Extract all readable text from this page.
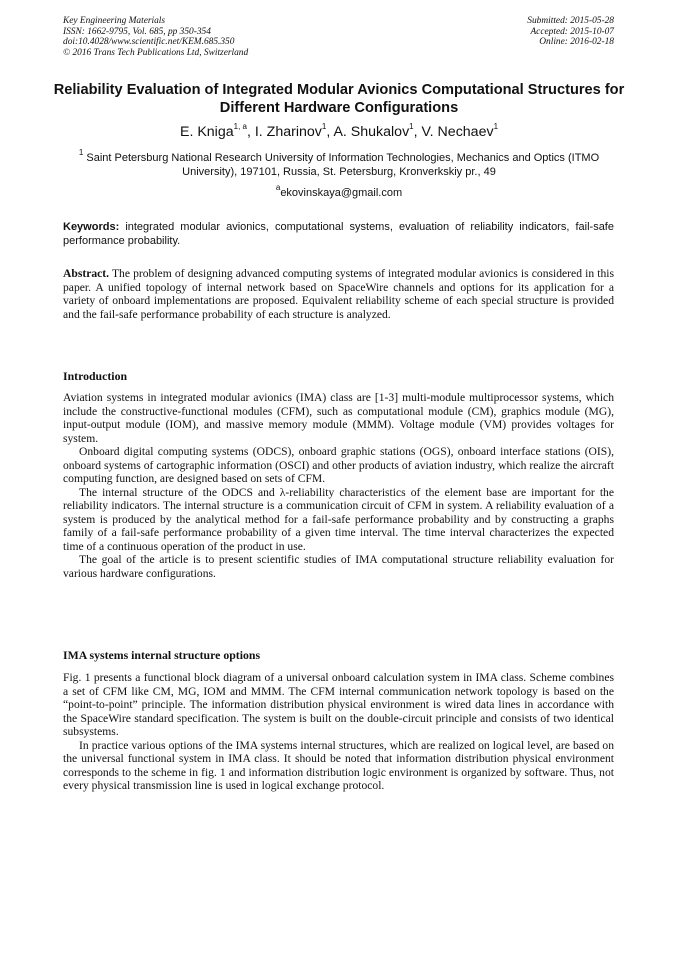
Key Engineering Materials
ISSN: 1662-9795, Vol. 685, pp 350-354
doi:10.4028/www.scientific.net/KEM.685.350
© 2016 Trans Tech Publications Ltd, Switzerland
Submitted: 2015-05-28
Accepted: 2015-10-07
Online: 2016-02-18
Reliability Evaluation of Integrated Modular Avionics Computational Structures for Different Hardware Configurations
E. Kniga$^{1, a}$, I. Zharinov$^1$, A. Shukalov$^1$, V. Nechaev$^1$
$^1$ Saint Petersburg National Research University of Information Technologies, Mechanics and Optics (ITMO University), 197101, Russia, St. Petersburg, Kronverkskiy pr., 49
$^a$ekovinskaya@gmail.com
Keywords: integrated modular avionics, computational systems, evaluation of reliability indicators, fail-safe performance probability.
Abstract. The problem of designing advanced computing systems of integrated modular avionics is considered in this paper. A unified topology of internal network based on SpaceWire channels and options for its application for a variety of onboard implementations are proposed. Equivalent reliability scheme of each special structure is provided and the fail-safe performance probability of each structure is analyzed.
Introduction

Aviation systems in integrated modular avionics (IMA) class are [1-3] multi-module multiprocessor systems, which include the constructive-functional modules (CFM), such as computational module (CM), graphics module (MG), input-output module (IOM), and massive memory module (MMM). Voltage module (VM) provides voltages for system.

Onboard digital computing systems (ODCS), onboard graphic stations (OGS), onboard interface stations (OIS), onboard systems of cartographic information (OSCI) and other products of aviation industry, which realize the aircraft computing function, are designed based on sets of CFM.

The internal structure of the ODCS and λ-reliability characteristics of the element base are important for the reliability indicators. The internal structure is a communication circuit of CFM in system. A reliability evaluation of a system is produced by the analytical method for a fail-safe performance probability and by constructing a graphs family of a fail-safe performance probability of a given time interval. The time interval characterizes the expected time of a continuous operation of the product in use.

The goal of the article is to present scientific studies of IMA computational structure reliability evaluation for various hardware configurations.

IMA systems internal structure options

Fig. 1 presents a functional block diagram of a universal onboard calculation system in IMA class. Scheme combines a set of CFM like CM, MG, IOM and MMM. The CFM internal communication network topology is based on the “point-to-point” principle. The information distribution physical environment is wired data lines in accordance with the SpaceWire standard specification. The system is built on the double-circuit principle and consists of two identical subsystems.

In practice various options of the IMA systems internal structures, which are realized on logical level, are based on the universal functional system in IMA class. It should be noted that information distribution physical environment corresponds to the scheme in fig. 1 and information distribution logic environment is organized by software. Thus, not every physical transmission line is used in logical exchange protocol.
